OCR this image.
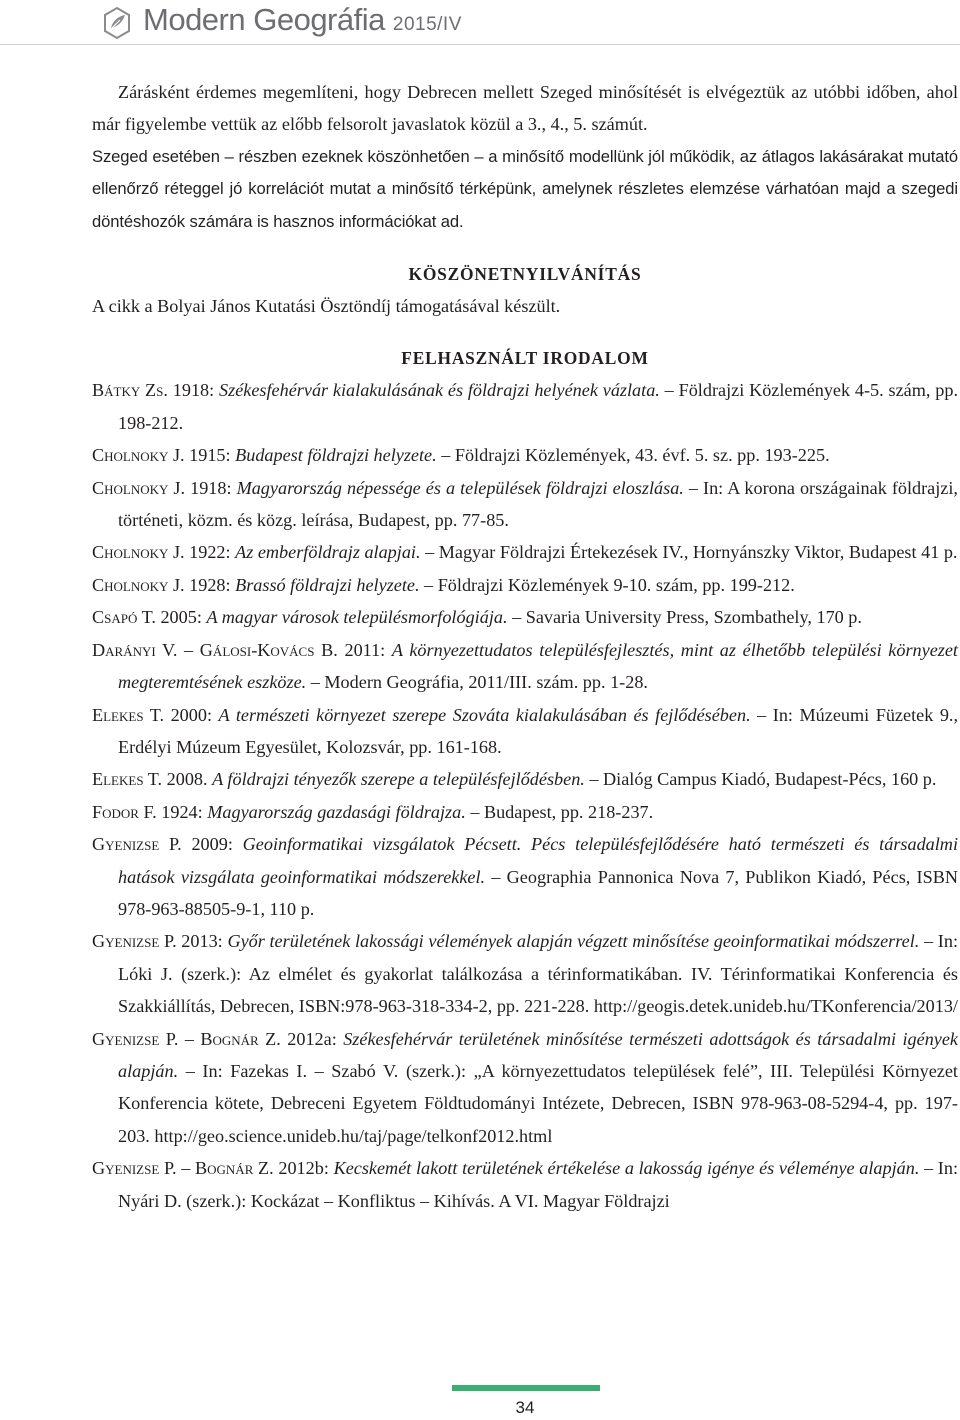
Modern Geográfia 2015/IV

Zárásként érdemes megemlíteni, hogy Debrecen mellett Szeged minősítését is elvégeztük az utóbbi időben, ahol már figyelembe vettük az előbb felsorolt javaslatok közül a 3., 4., 5. számút.

Szeged esetében – részben ezeknek köszönhetően – a minősítő modellünk jól működik, az átlagos lakásárakat mutató ellenőrző réteggel jó korrelációt mutat a minősítő térképünk, amelynek részletes elemzése várhatóan majd a szegedi döntéshozók számára is hasznos információkat ad.

KÖSZÖNETNYILVÁNÍTÁS

A cikk a Bolyai János Kutatási Ösztöndíj támogatásával készült.

FELHASZNÁLT IRODALOM

Bátky Zs. 1918: Székesfehérvár kialakulásának és földrajzi helyének vázlata. – Földrajzi Közlemények 4-5. szám, pp. 198-212.

Cholnoky J. 1915: Budapest földrajzi helyzete. – Földrajzi Közlemények, 43. évf. 5. sz. pp. 193-225.

Cholnoky J. 1918: Magyarország népessége és a települések földrajzi eloszlása. – In: A korona országainak földrajzi, történeti, közm. és közg. leírása, Budapest, pp. 77-85.

Cholnoky J. 1922: Az emberföldrajz alapjai. – Magyar Földrajzi Értekezések IV., Hornyánszky Viktor, Budapest 41 p.

Cholnoky J. 1928: Brassó földrajzi helyzete. – Földrajzi Közlemények 9-10. szám, pp. 199-212.

Csapó T. 2005: A magyar városok településmorfológiája. – Savaria University Press, Szombathely, 170 p.

Darányi V. – Gálosi-Kovács B. 2011: A környezettudatos településfejlesztés, mint az élhetőbb települési környezet megteremtésének eszköze. – Modern Geográfia, 2011/III. szám. pp. 1-28.

Elekes T. 2000: A természeti környezet szerepe Szováta kialakulásában és fejlődésében. – In: Múzeumi Füzetek 9., Erdélyi Múzeum Egyesület, Kolozsvár, pp. 161-168.

Elekes T. 2008. A földrajzi tényezők szerepe a településfejlődésben. – Dialóg Campus Kiadó, Budapest-Pécs, 160 p.

Fodor F. 1924: Magyarország gazdasági földrajza. – Budapest, pp. 218-237.

Gyenizse P. 2009: Geoinformatikai vizsgálatok Pécsett. Pécs településfejlődésére ható természeti és társadalmi hatások vizsgálata geoinformatikai módszerekkel. – Geographia Pannonica Nova 7, Publikon Kiadó, Pécs, ISBN 978-963-88505-9-1, 110 p.

Gyenizse P. 2013: Győr területének lakossági vélemények alapján végzett minősítése geoinformatikai módszerrel. – In: Lóki J. (szerk.): Az elmélet és gyakorlat találkozása a térinformatikában. IV. Térinformatikai Konferencia és Szakkiállítás, Debrecen, ISBN:978-963-318-334-2, pp. 221-228. http://geogis.detek.unideb.hu/TKonferencia/2013/

Gyenizse P. – Bognár Z. 2012a: Székesfehérvár területének minősítése természeti adottságok és társadalmi igények alapján. – In: Fazekas I. – Szabó V. (szerk.): „A környezettudatos települések felé”, III. Települési Környezet Konferencia kötete, Debreceni Egyetem Földtudományi Intézete, Debrecen, ISBN 978-963-08-5294-4, pp. 197-203. http://geo.science.unideb.hu/taj/page/telkonf2012.html

Gyenizse P. – Bognár Z. 2012b: Kecskemét lakott területének értékelése a lakosság igénye és véleménye alapján. – In: Nyári D. (szerk.): Kockázat – Konfliktus – Kihívás. A VI. Magyar Földrajzi

34
